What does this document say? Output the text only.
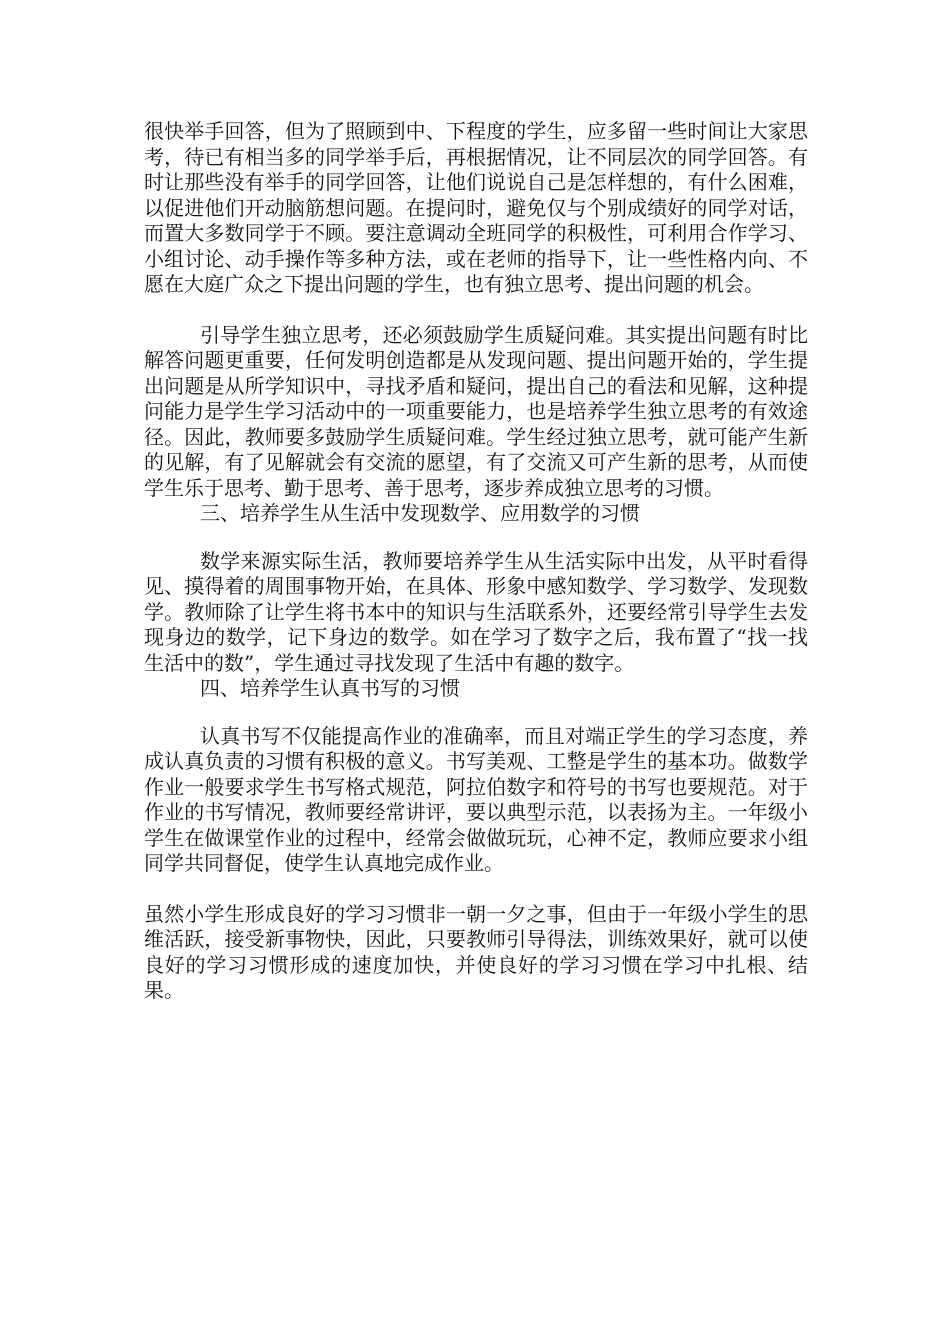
很快举手回答，但为了照顾到中、下程度的学生，应多留一些时间让大家思考，待已有相当多的同学举手后，再根据情况，让不同层次的同学回答。有时让那些没有举手的同学回答，让他们说说自己是怎样想的，有什么困难，以促进他们开动脑筋想问题。在提问时，避免仅与个别成绩好的同学对话，而置大多数同学于不顾。要注意调动全班同学的积极性，可利用合作学习、小组讨论、动手操作等多种方法，或在老师的指导下，让一些性格内向、不愿在大庭广众之下提出问题的学生，也有独立思考、提出问题的机会。

引导学生独立思考，还必须鼓励学生质疑问难。其实提出问题有时比解答问题更重要，任何发明创造都是从发现问题、提出问题开始的，学生提出问题是从所学知识中，寻找矛盾和疑问，提出自己的看法和见解，这种提问能力是学生学习活动中的一项重要能力，也是培养学生独立思考的有效途径。因此，教师要多鼓励学生质疑问难。学生经过独立思考，就可能产生新的见解，有了见解就会有交流的愿望，有了交流又可产生新的思考，从而使学生乐于思考、勤于思考、善于思考，逐步养成独立思考的习惯。

三、培养学生从生活中发现数学、应用数学的习惯

数学来源实际生活，教师要培养学生从生活实际中出发，从平时看得见、摸得着的周围事物开始，在具体、形象中感知数学、学习数学、发现数学。教师除了让学生将书本中的知识与生活联系外，还要经常引导学生去发现身边的数学，记下身边的数学。如在学习了数字之后，我布置了“找一找生活中的数”，学生通过寻找发现了生活中有趣的数字。

四、培养学生认真书写的习惯

认真书写不仅能提高作业的准确率，而且对端正学生的学习态度，养成认真负责的习惯有积极的意义。书写美观、工整是学生的基本功。做数学作业一般要求学生书写格式规范，阿拉伯数字和符号的书写也要规范。对于作业的书写情况，教师要经常讲评，要以典型示范，以表扬为主。一年级小学生在做课堂作业的过程中，经常会做做玩玩，心神不定，教师应要求小组同学共同督促，使学生认真地完成作业。

虽然小学生形成良好的学习习惯非一朝一夕之事，但由于一年级小学生的思维活跃，接受新事物快，因此，只要教师引导得法，训练效果好，就可以使良好的学习习惯形成的速度加快，并使良好的学习习惯在学习中扎根、结果。
